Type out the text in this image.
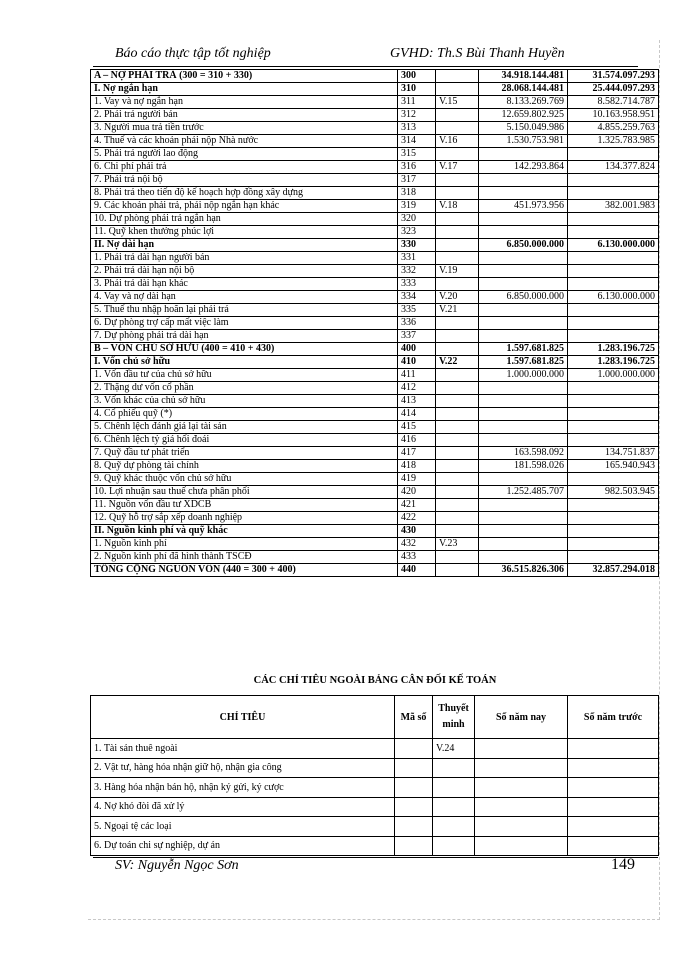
Báo cáo thực tập tốt nghiệp	GVHD: Th.S Bùi Thanh Huyền
A – NỢ PHẢI TRẢ (300 = 310 + 330)	300		34.918.144.481	31.574.097.293
I. Nợ ngắn hạn	310		28.068.144.481	25.444.097.293
1. Vay và nợ ngắn hạn	311	V.15	8.133.269.769	8.582.714.787
2. Phải trả người bán	312		12.659.802.925	10.163.958.951
3. Người mua trả tiền trước	313		5.150.049.986	4.855.259.763
4. Thuế và các khoản phải nộp Nhà nước	314	V.16	1.530.753.981	1.325.783.985
5. Phải trả người lao động	315			
6. Chi phí phải trả	316	V.17	142.293.864	134.377.824
7. Phải trả nội bộ	317			
8. Phải trả theo tiến độ kế hoạch hợp đồng xây dựng	318			
9. Các khoản phải trả, phải nộp ngắn hạn khác	319	V.18	451.973.956	382.001.983
10. Dự phòng phải trả ngắn hạn	320			
11. Quỹ khen thưởng phúc lợi	323			
II. Nợ dài hạn	330		6.850.000.000	6.130.000.000
1. Phải trả dài hạn người bán	331			
2. Phải trả dài hạn nội bộ	332	V.19		
3. Phải trả dài hạn khác	333			
4. Vay và nợ dài hạn	334	V.20	6.850.000.000	6.130.000.000
5. Thuế thu nhập hoãn lại phải trả	335	V.21		
6. Dự phòng trợ cấp mất việc làm	336			
7. Dự phòng phải trả dài hạn	337			
B – VỐN CHỦ SỞ HỮU (400 = 410 + 430)	400		1.597.681.825	1.283.196.725
I. Vốn chủ sở hữu	410	V.22	1.597.681.825	1.283.196.725
1. Vốn đầu tư của chủ sở hữu	411		1.000.000.000	1.000.000.000
2. Thặng dư vốn cổ phần	412			
3. Vốn khác của chủ sở hữu	413			
4. Cổ phiếu quỹ (*)	414			
5. Chênh lệch đánh giá lại tài sản	415			
6. Chênh lệch tỷ giá hối đoái	416			
7. Quỹ đầu tư phát triển	417		163.598.092	134.751.837
8. Quỹ dự phòng tài chính	418		181.598.026	165.940.943
9. Quỹ khác thuộc vốn chủ sở hữu	419			
10. Lợi nhuận sau thuế chưa phân phối	420		1.252.485.707	982.503.945
11. Nguồn vốn đầu tư XDCB	421			
12. Quỹ hỗ trợ sắp xếp doanh nghiệp	422			
II. Nguồn kinh phí và quỹ khác	430			
1. Nguồn kinh phí	432	V.23		
2. Nguồn kinh phí đã hình thành TSCĐ	433			
TỔNG CỘNG NGUỒN VỐN (440 = 300 + 400)	440		36.515.826.306	32.857.294.018
CÁC CHỈ TIÊU NGOÀI BẢNG CÂN ĐỐI KẾ TOÁN
CHỈ TIÊU	Mã số	Thuyết minh	Số năm nay	Số năm trước
1. Tài sản thuê ngoài		V.24		
2. Vật tư, hàng hóa nhận giữ hộ, nhận gia công				
3. Hàng hóa nhận bán hộ, nhận ký gửi, ký cược				
4. Nợ khó đòi đã xử lý				
5. Ngoại tệ các loại				
6. Dự toán chi sự nghiệp, dự án				
SV: Nguyễn Ngọc Sơn	149
